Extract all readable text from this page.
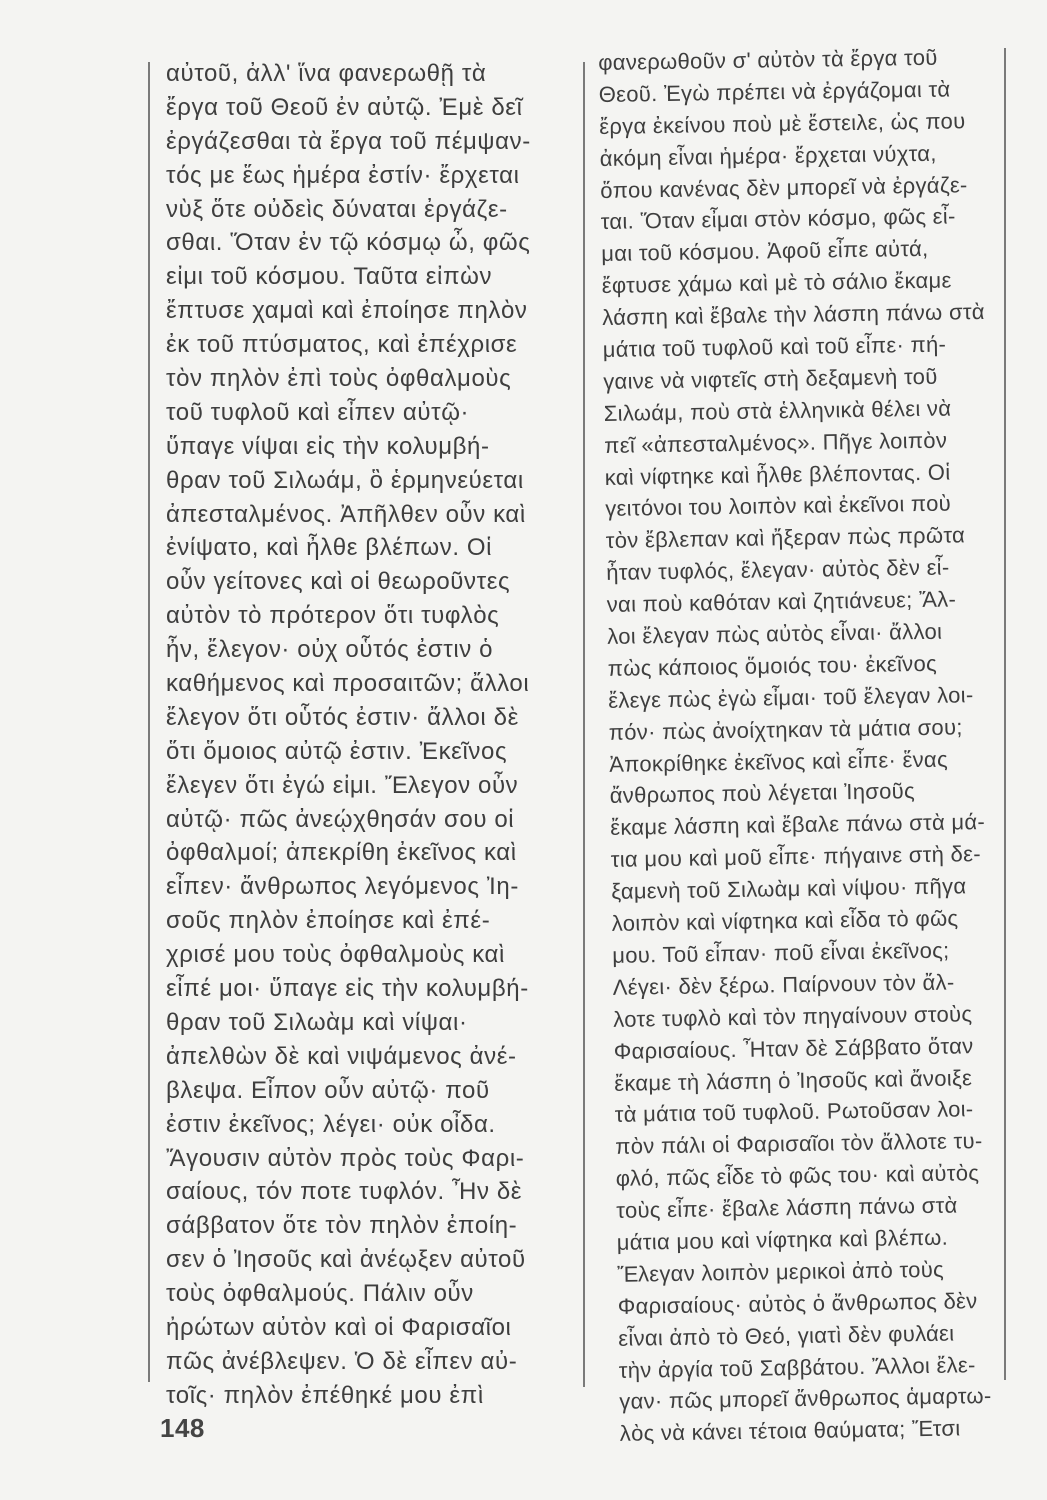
αὐτοῦ, ἀλλ' ἵνα φανερωθῇ τὰ
ἔργα τοῦ Θεοῦ ἐν αὐτῷ. Ἐμὲ δεῖ
ἐργάζεσθαι τὰ ἔργα τοῦ πέμψαν-
τός με ἕως ἡμέρα ἐστίν· ἔρχεται
νὺξ ὅτε οὐδεὶς δύναται ἐργάζε-
σθαι. Ὅταν ἐν τῷ κόσμῳ ὦ, φῶς
εἰμι τοῦ κόσμου. Ταῦτα εἰπὼν
ἔπτυσε χαμαὶ καὶ ἐποίησε πηλὸν
ἐκ τοῦ πτύσματος, καὶ ἐπέχρισε
τὸν πηλὸν ἐπὶ τοὺς ὀφθαλμοὺς
τοῦ τυφλοῦ καὶ εἶπεν αὐτῷ·
ὕπαγε νίψαι εἰς τὴν κολυμβή-
θραν τοῦ Σιλωάμ, ὃ ἑρμηνεύεται
ἀπεσταλμένος. Ἀπῆλθεν οὖν καὶ
ἐνίψατο, καὶ ἦλθε βλέπων. Οἱ
οὖν γείτονες καὶ οἱ θεωροῦντες
αὐτὸν τὸ πρότερον ὅτι τυφλὸς
ἦν, ἔλεγον· οὐχ οὗτός ἐστιν ὁ
καθήμενος καὶ προσαιτῶν; ἄλλοι
ἔλεγον ὅτι οὗτός ἐστιν· ἄλλοι δὲ
ὅτι ὅμοιος αὐτῷ ἐστιν. Ἐκεῖνος
ἔλεγεν ὅτι ἐγώ εἰμι. Ἔλεγον οὖν
αὐτῷ· πῶς ἀνεῴχθησάν σου οἱ
ὀφθαλμοί; ἀπεκρίθη ἐκεῖνος καὶ
εἶπεν· ἄνθρωπος λεγόμενος Ἰη-
σοῦς πηλὸν ἐποίησε καὶ ἐπέ-
χρισέ μου τοὺς ὀφθαλμοὺς καὶ
εἶπέ μοι· ὕπαγε εἰς τὴν κολυμβή-
θραν τοῦ Σιλωὰμ καὶ νίψαι·
ἀπελθὼν δὲ καὶ νιψάμενος ἀνέ-
βλεψα. Εἶπον οὖν αὐτῷ· ποῦ
ἐστιν ἐκεῖνος; λέγει· οὐκ οἶδα.
Ἄγουσιν αὐτὸν πρὸς τοὺς Φαρι-
σαίους, τόν ποτε τυφλόν. Ἦν δὲ
σάββατον ὅτε τὸν πηλὸν ἐποίη-
σεν ὁ Ἰησοῦς καὶ ἀνέῳξεν αὐτοῦ
τοὺς ὀφθαλμούς. Πάλιν οὖν
ἠρώτων αὐτὸν καὶ οἱ Φαρισαῖοι
πῶς ἀνέβλεψεν. Ὁ δὲ εἶπεν αὐ-
τοῖς· πηλὸν ἐπέθηκέ μου ἐπὶ
φανερωθοῦν σ' αὐτὸν τὰ ἔργα τοῦ
Θεοῦ. Ἐγὼ πρέπει νὰ ἐργάζομαι τὰ
ἔργα ἐκείνου ποὺ μὲ ἔστειλε, ὡς που
ἀκόμη εἶναι ἡμέρα· ἔρχεται νύχτα,
ὅπου κανένας δὲν μπορεῖ νὰ ἐργάζε-
ται. Ὅταν εἶμαι στὸν κόσμο, φῶς εἶ-
μαι τοῦ κόσμου. Ἀφοῦ εἶπε αὐτά,
ἔφτυσε χάμω καὶ μὲ τὸ σάλιο ἔκαμε
λάσπη καὶ ἔβαλε τὴν λάσπη πάνω στὰ
μάτια τοῦ τυφλοῦ καὶ τοῦ εἶπε· πή-
γαινε νὰ νιφτεῖς στὴ δεξαμενὴ τοῦ
Σιλωάμ, ποὺ στὰ ἑλληνικὰ θέλει νὰ
πεῖ «ἀπεσταλμένος». Πῆγε λοιπὸν
καὶ νίφτηκε καὶ ἦλθε βλέποντας. Οἱ
γειτόνοι του λοιπὸν καὶ ἐκεῖνοι ποὺ
τὸν ἔβλεπαν καὶ ἤξεραν πὼς πρῶτα
ἦταν τυφλός, ἔλεγαν· αὐτὸς δὲν εἶ-
ναι ποὺ καθόταν καὶ ζητιάνευε; Ἄλ-
λοι ἔλεγαν πὼς αὐτὸς εἶναι· ἄλλοι
πὼς κάποιος ὅμοιός του· ἐκεῖνος
ἔλεγε πὼς ἐγὼ εἶμαι· τοῦ ἔλεγαν λοι-
πόν· πὼς ἀνοίχτηκαν τὰ μάτια σου;
Ἀποκρίθηκε ἐκεῖνος καὶ εἶπε· ἕνας
ἄνθρωπος ποὺ λέγεται Ἰησοῦς
ἔκαμε λάσπη καὶ ἔβαλε πάνω στὰ μά-
τια μου καὶ μοῦ εἶπε· πήγαινε στὴ δε-
ξαμενὴ τοῦ Σιλωὰμ καὶ νίψου· πῆγα
λοιπὸν καὶ νίφτηκα καὶ εἶδα τὸ φῶς
μου. Τοῦ εἶπαν· ποῦ εἶναι ἐκεῖνος;
Λέγει· δὲν ξέρω. Παίρνουν τὸν ἄλ-
λοτε τυφλὸ καὶ τὸν πηγαίνουν στοὺς
Φαρισαίους. Ἦταν δὲ Σάββατο ὅταν
ἔκαμε τὴ λάσπη ὁ Ἰησοῦς καὶ ἄνοιξε
τὰ μάτια τοῦ τυφλοῦ. Ρωτοῦσαν λοι-
πὸν πάλι οἱ Φαρισαῖοι τὸν ἄλλοτε τυ-
φλό, πῶς εἶδε τὸ φῶς του· καὶ αὐτὸς
τοὺς εἶπε· ἔβαλε λάσπη πάνω στὰ
μάτια μου καὶ νίφτηκα καὶ βλέπω.
Ἔλεγαν λοιπὸν μερικοὶ ἀπὸ τοὺς
Φαρισαίους· αὐτὸς ὁ ἄνθρωπος δὲν
εἶναι ἀπὸ τὸ Θεό, γιατὶ δὲν φυλάει
τὴν ἀργία τοῦ Σαββάτου. Ἄλλοι ἔλε-
γαν· πῶς μπορεῖ ἄνθρωπος ἁμαρτω-
λὸς νὰ κάνει τέτοια θαύματα; Ἔτσι
148
